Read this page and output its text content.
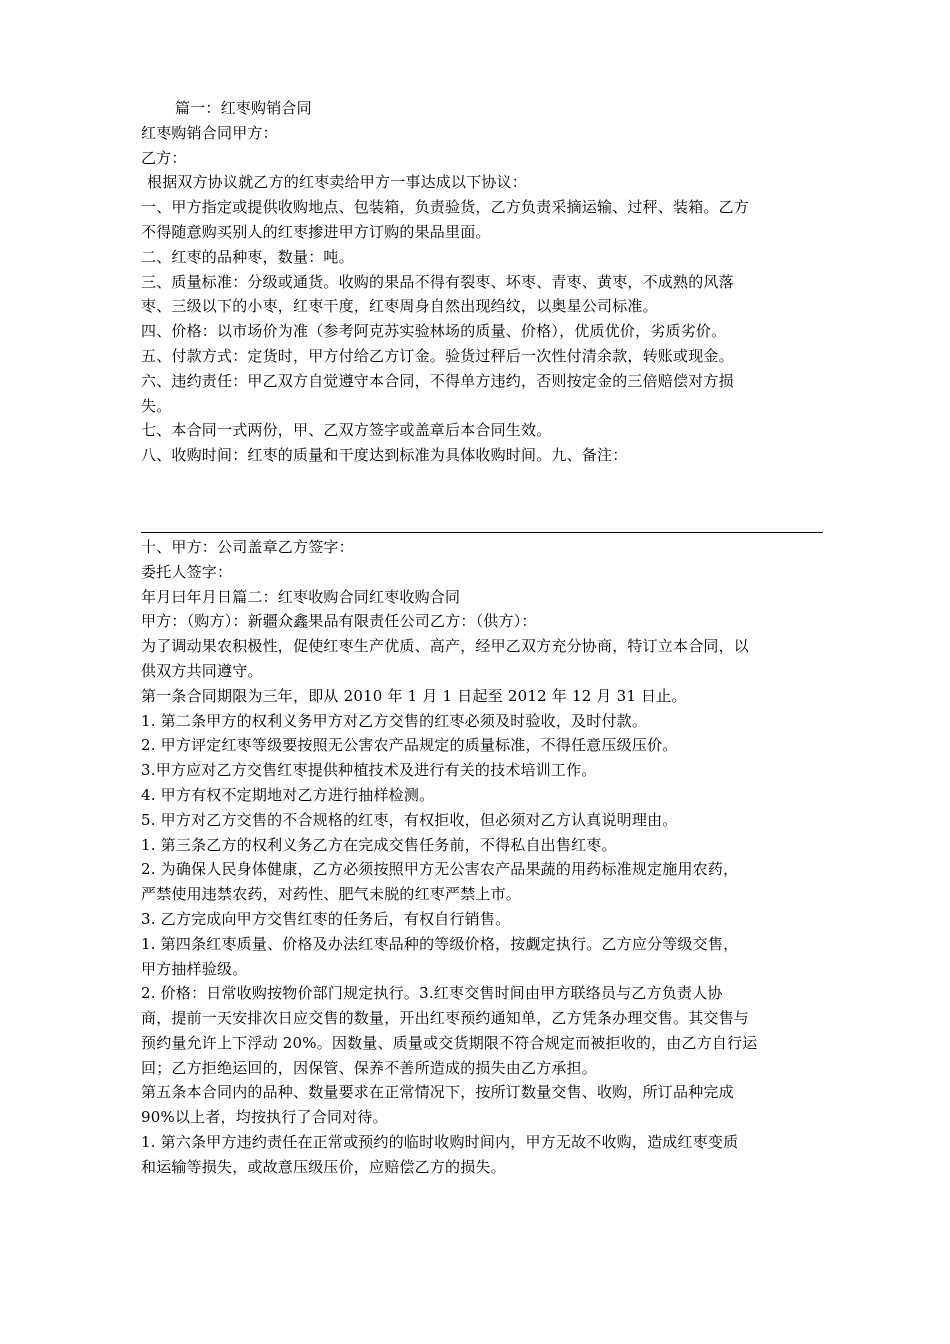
篇一：红枣购销合同
红枣购销合同甲方：
乙方：
根据双方协议就乙方的红枣卖给甲方一事达成以下协议：
一、甲方指定或提供收购地点、包装箱，负责验货，乙方负责采摘运输、过秤、装箱。乙方
不得随意购买别人的红枣掺进甲方订购的果品里面。
二、红枣的品种枣，数量：吨。
三、质量标准：分级或通货。收购的果品不得有裂枣、坏枣、青枣、黄枣，不成熟的风落
枣、三级以下的小枣，红枣干度，红枣周身自然出现绉纹，以奥星公司标准。
四、价格：以市场价为准（参考阿克苏实验林场的质量、价格），优质优价，劣质劣价。
五、付款方式：定货时，甲方付给乙方订金。验货过秤后一次性付清余款，转账或现金。
六、违约责任：甲乙双方自觉遵守本合同，不得单方违约，否则按定金的三倍赔偿对方损
失。
七、本合同一式两份，甲、乙双方签字或盖章后本合同生效。
八、收购时间：红枣的质量和干度达到标准为具体收购时间。九、备注：
十、甲方：公司盖章乙方签字：
委托人签字：
年月曰年月日篇二：红枣收购合同红枣收购合同
甲方：（购方）：新疆众鑫果品有限责任公司乙方：（供方）：
为了调动果农积极性，促使红枣生产优质、高产，经甲乙双方充分协商，特订立本合同，以
供双方共同遵守。
第一条合同期限为三年，即从 2010 年 1 月 1 日起至 2012 年 12 月 31 日止。
1. 第二条甲方的权利义务甲方对乙方交售的红枣必须及时验收，及时付款。
2. 甲方评定红枣等级要按照无公害农产品规定的质量标准，不得任意压级压价。
3.甲方应对乙方交售红枣提供种植技术及进行有关的技术培训工作。
4. 甲方有权不定期地对乙方进行抽样检测。
5. 甲方对乙方交售的不合规格的红枣，有权拒收，但必须对乙方认真说明理由。
1. 第三条乙方的权利义务乙方在完成交售任务前，不得私自出售红枣。
2. 为确保人民身体健康，乙方必须按照甲方无公害农产品果蔬的用药标准规定施用农药，
严禁使用违禁农药，对药性、肥气未脱的红枣严禁上市。
3. 乙方完成向甲方交售红枣的任务后，有权自行销售。
1. 第四条红枣质量、价格及办法红枣品种的等级价格，按觑定执行。乙方应分等级交售，
甲方抽样验级。
2. 价格：日常收购按物价部门规定执行。3.红枣交售时间由甲方联络员与乙方负责人协
商，提前一天安排次日应交售的数量，开出红枣预约通知单，乙方凭条办理交售。其交售与
预约量允许上下浮动 20%。因数量、质量或交货期限不符合规定而被拒收的，由乙方自行运
回；乙方拒绝运回的，因保管、保养不善所造成的损失由乙方承担。
第五条本合同内的品种、数量要求在正常情况下，按所订数量交售、收购，所订品种完成
90%以上者，均按执行了合同对待。
1. 第六条甲方违约责任在正常或预约的临时收购时间内，甲方无故不收购，造成红枣变质
和运输等损失，或故意压级压价，应赔偿乙方的损失。
